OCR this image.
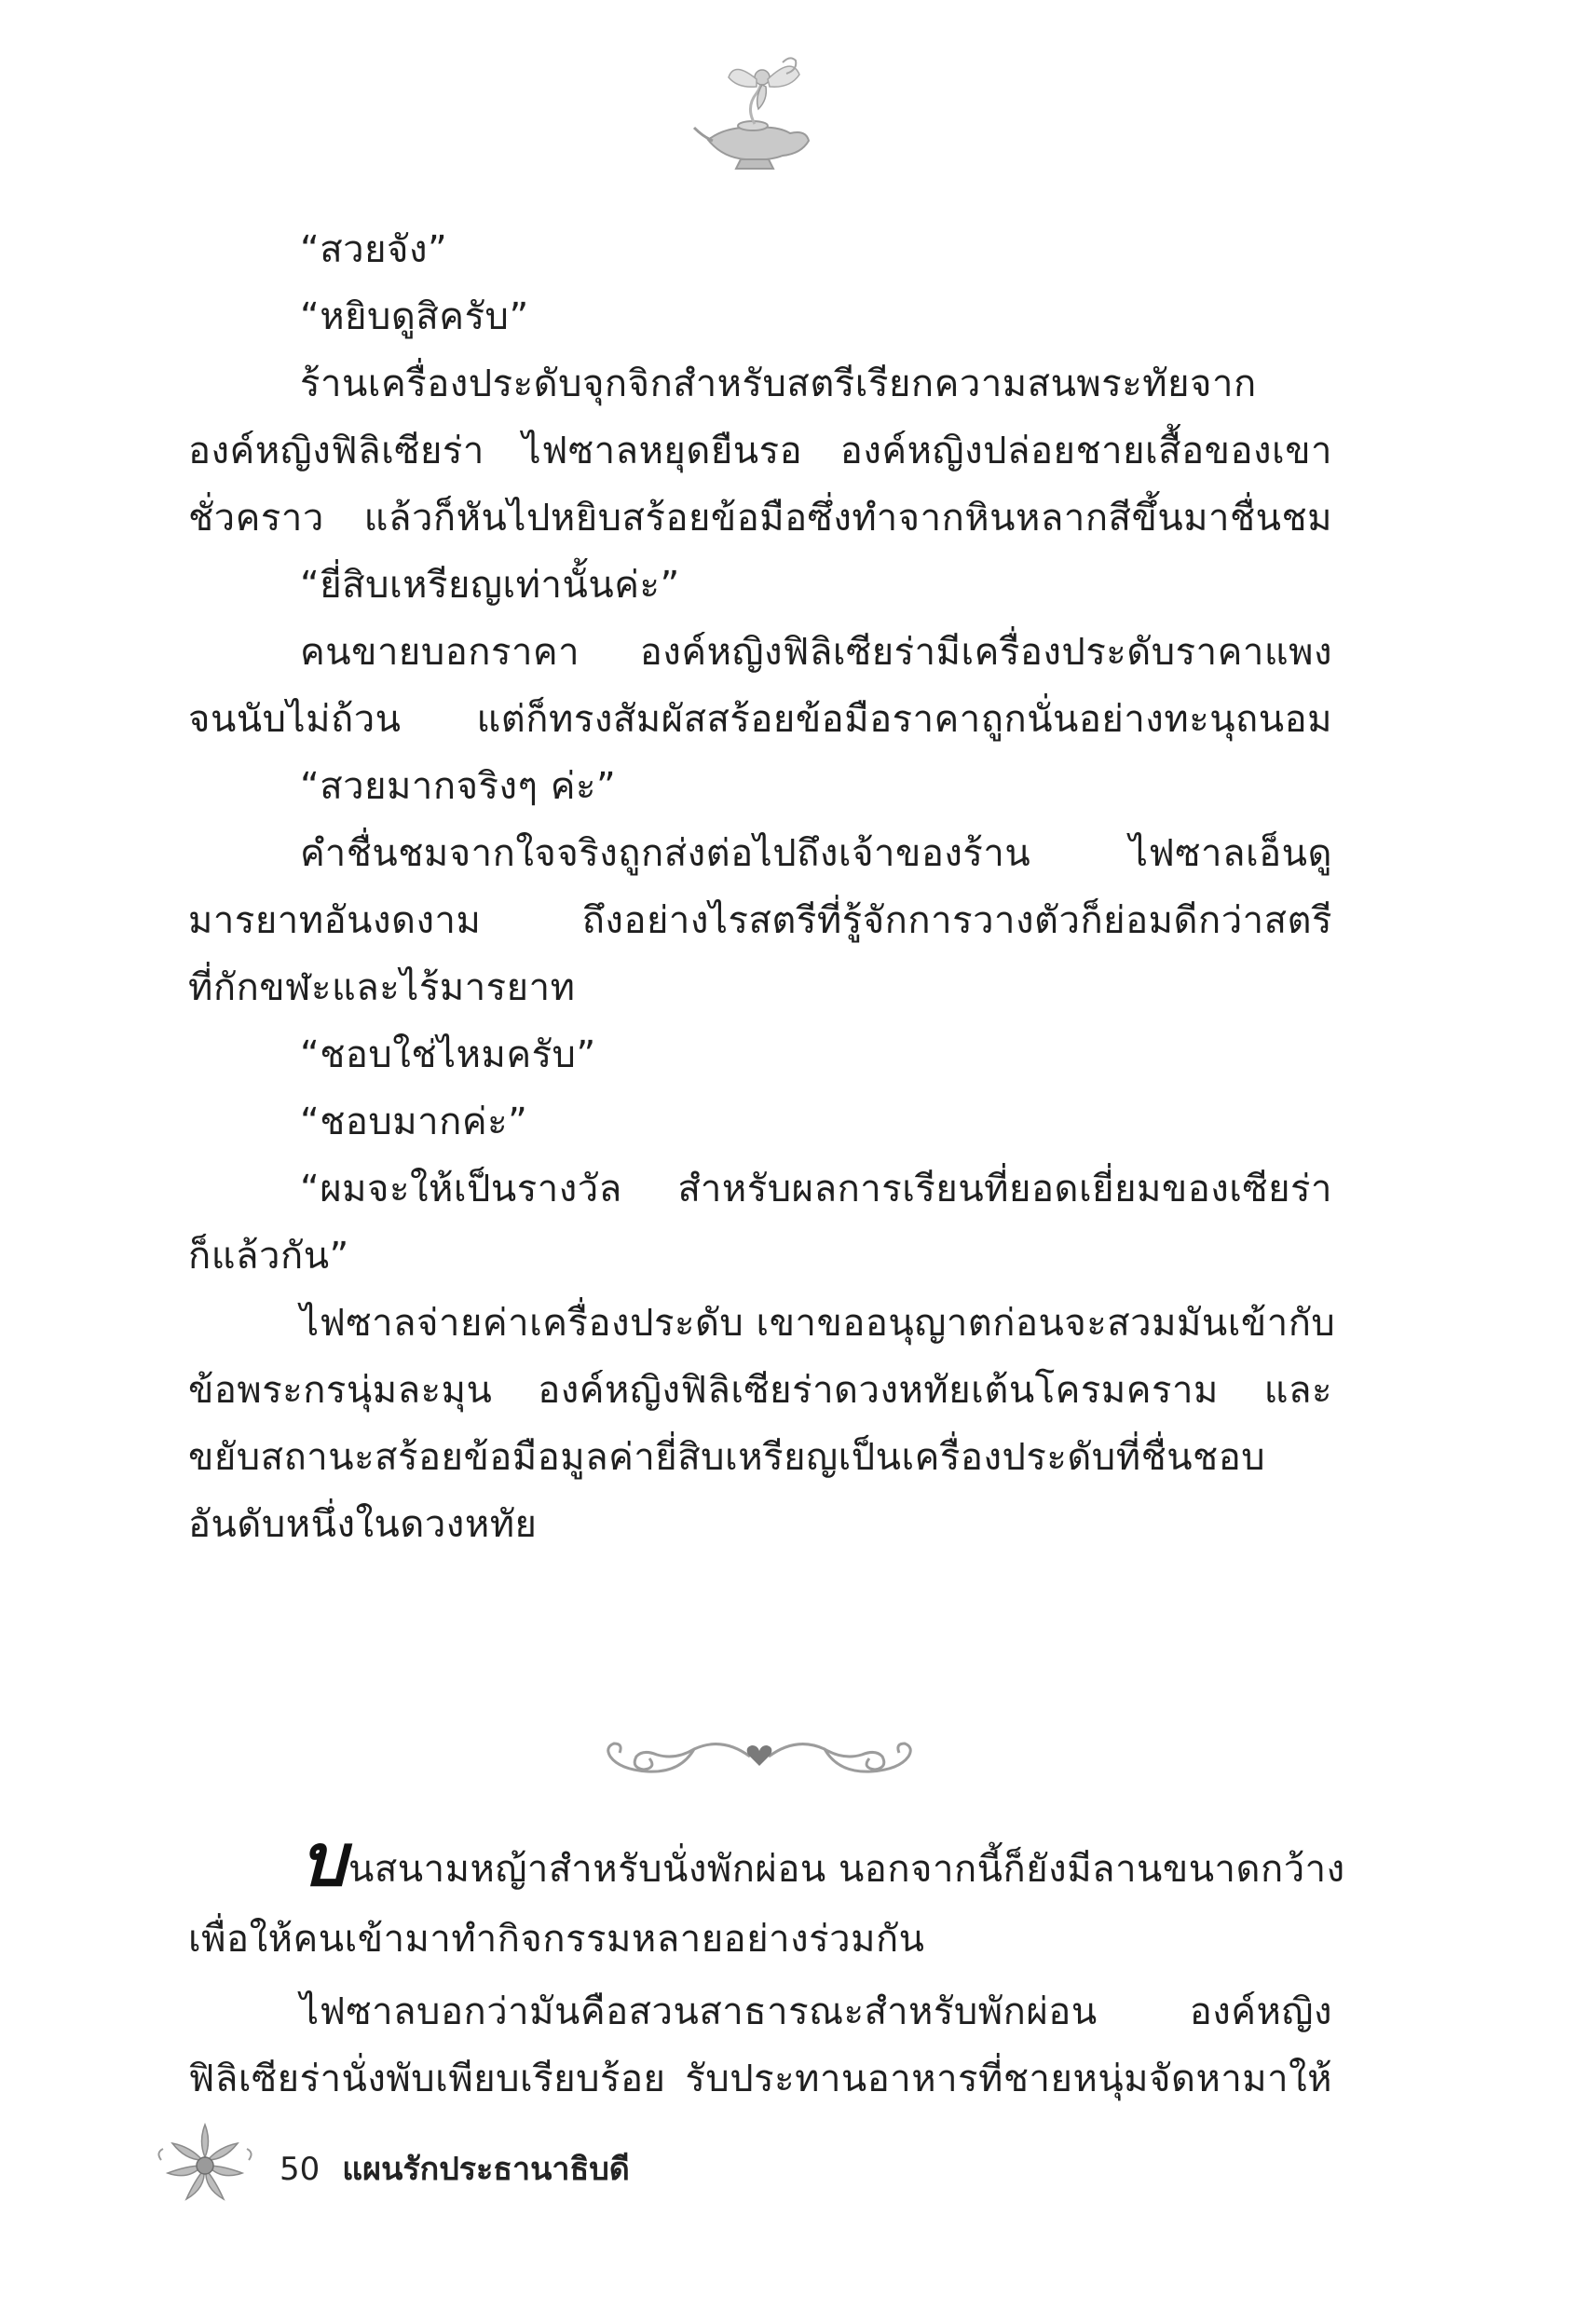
“สวยจัง”
“หยิบดูสิครับ”
ร้านเครื่องประดับจุกจิกสำหรับสตรีเรียกความสนพระทัยจาก
องค์หญิงฟิลิเซียร่า ไฟซาลหยุดยืนรอ องค์หญิงปล่อยชายเสื้อของเขา
ชั่วคราว แล้วก็หันไปหยิบสร้อยข้อมือซึ่งทำจากหินหลากสีขึ้นมาชื่นชม
“ยี่สิบเหรียญเท่านั้นค่ะ”
คนขายบอกราคา องค์หญิงฟิลิเซียร่ามีเครื่องประดับราคาแพง
จนนับไม่ถ้วน แต่ก็ทรงสัมผัสสร้อยข้อมือราคาถูกนั่นอย่างทะนุถนอม
“สวยมากจริงๆ ค่ะ”
คำชื่นชมจากใจจริงถูกส่งต่อไปถึงเจ้าของร้าน ไฟซาลเอ็นดู
มารยาทอันงดงาม ถึงอย่างไรสตรีที่รู้จักการวางตัวก็ย่อมดีกว่าสตรี
ที่กักขฬะและไร้มารยาท
“ชอบใช่ไหมครับ”
“ชอบมากค่ะ”
“ผมจะให้เป็นรางวัล สำหรับผลการเรียนที่ยอดเยี่ยมของเซียร่า
ก็แล้วกัน”
ไฟซาลจ่ายค่าเครื่องประดับ เขาขออนุญาตก่อนจะสวมมันเข้ากับ
ข้อพระกรนุ่มละมุน องค์หญิงฟิลิเซียร่าดวงหทัยเต้นโครมคราม และ
ขยับสถานะสร้อยข้อมือมูลค่ายี่สิบเหรียญเป็นเครื่องประดับที่ชื่นชอบ
อันดับหนึ่งในดวงหทัย
บนสนามหญ้าสำหรับนั่งพักผ่อน นอกจากนี้ก็ยังมีลานขนาดกว้าง
เพื่อให้คนเข้ามาทำกิจกรรมหลายอย่างร่วมกัน
ไฟซาลบอกว่ามันคือสวนสาธารณะสำหรับพักผ่อน องค์หญิง
ฟิลิเซียร่านั่งพับเพียบเรียบร้อย รับประทานอาหารที่ชายหนุ่มจัดหามาให้
50 แผนรักประธานาธิบดี
